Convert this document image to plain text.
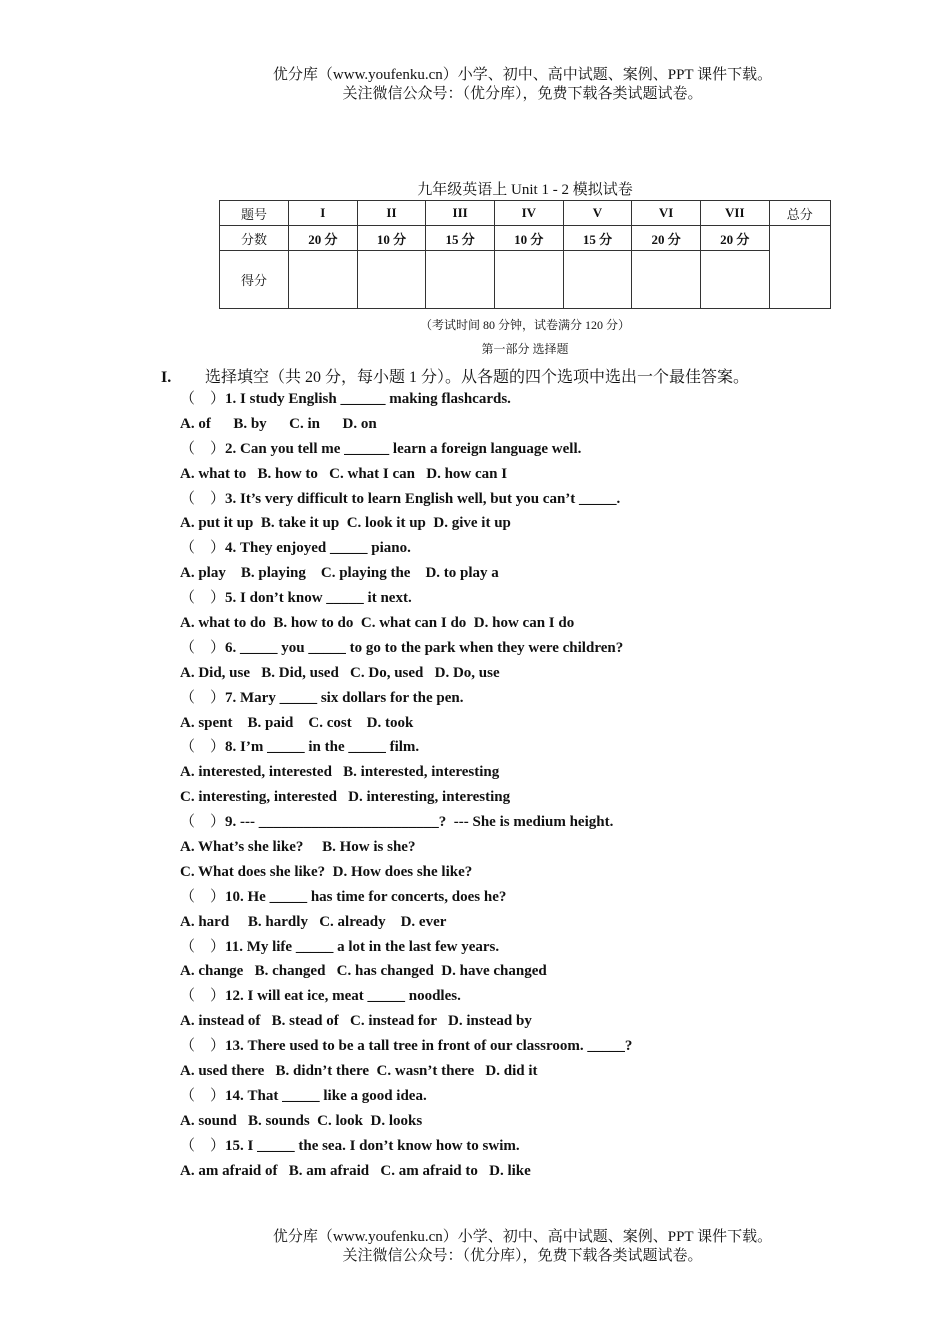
优分库（www.youfenku.cn）小学、初中、高中试题、案例、PPT 课件下载。
关注微信公众号：（优分库），免费下载各类试题试卷。
九年级英语上 Unit 1 - 2 模拟试卷
题号	I	II	III	IV	V	VI	VII	总分
分数	20 分	10 分	15 分	10 分	15 分	20 分	20 分	
得分								
（考试时间 80 分钟，试卷满分 120 分）
第一部分 选择题
I. 选择填空（共 20 分，每小题 1 分）。从各题的四个选项中选出一个最佳答案。
（    ）1. I study English ______ making flashcards.
A. of      B. by      C. in      D. on
（    ）2. Can you tell me ______ learn a foreign language well.
A. what to   B. how to   C. what I can   D. how can I
（    ）3. It’s very difficult to learn English well, but you can’t _____.
A. put it up  B. take it up  C. look it up  D. give it up
（    ）4. They enjoyed _____ piano.
A. play    B. playing    C. playing the    D. to play a
（    ）5. I don’t know _____ it next.
A. what to do  B. how to do  C. what can I do  D. how can I do
（    ）6. _____ you _____ to go to the park when they were children?
A. Did, use   B. Did, used   C. Do, used   D. Do, use
（    ）7. Mary _____ six dollars for the pen.
A. spent    B. paid    C. cost    D. took
（    ）8. I’m _____ in the _____ film.
A. interested, interested   B. interested, interesting
C. interesting, interested   D. interesting, interesting
（    ）9. --- ________________________?  --- She is medium height.
A. What’s she like?     B. How is she?
C. What does she like?  D. How does she like?
（    ）10. He _____ has time for concerts, does he?
A. hard     B. hardly   C. already    D. ever
（    ）11. My life _____ a lot in the last few years.
A. change   B. changed   C. has changed  D. have changed
（    ）12. I will eat ice, meat _____ noodles.
A. instead of   B. stead of   C. instead for   D. instead by
（    ）13. There used to be a tall tree in front of our classroom. _____?
A. used there   B. didn’t there  C. wasn’t there   D. did it
（    ）14. That _____ like a good idea.
A. sound   B. sounds  C. look  D. looks
（    ）15. I _____ the sea. I don’t know how to swim.
A. am afraid of   B. am afraid   C. am afraid to   D. like
优分库（www.youfenku.cn）小学、初中、高中试题、案例、PPT 课件下载。
关注微信公众号：（优分库），免费下载各类试题试卷。
